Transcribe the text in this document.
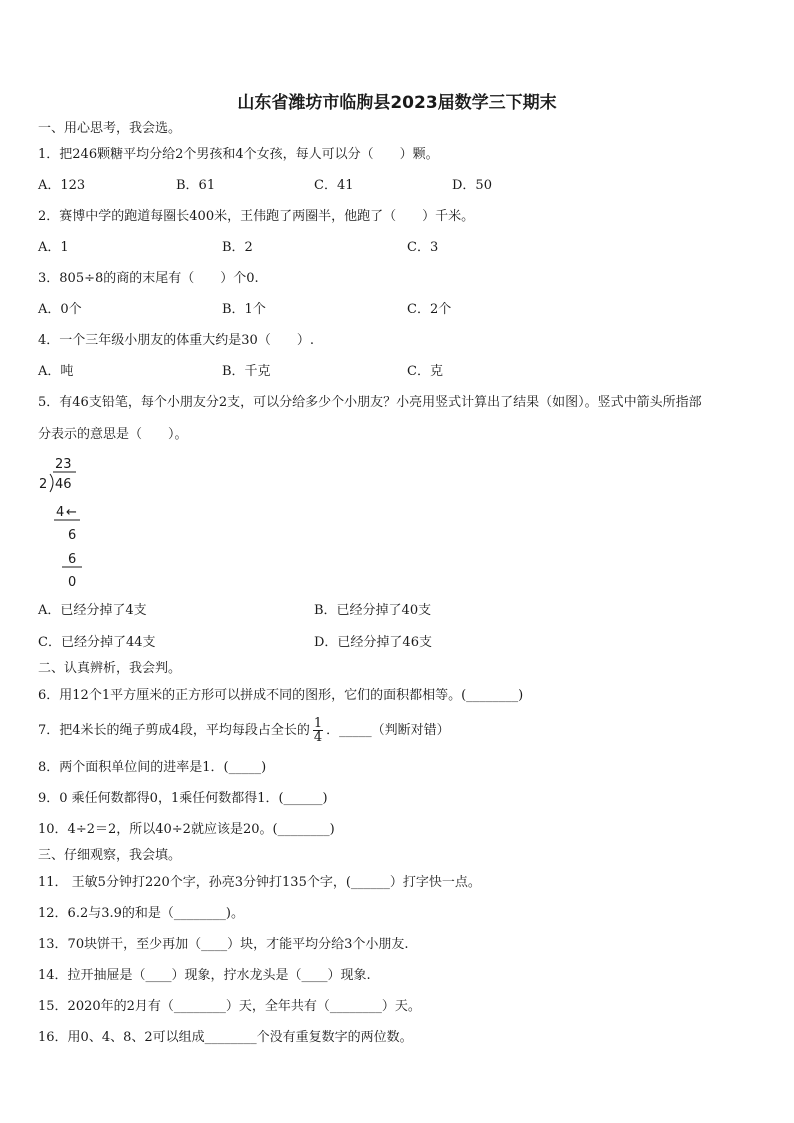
山东省潍坊市临朐县2023届数学三下期末
一、用心思考，我会选。
1．把246颗糖平均分给2个男孩和4个女孩，每人可以分（　　）颗。
A．123	B．61	C．41	D．50
2．赛博中学的跑道每圈长400米，王伟跑了两圈半，他跑了（　　）千米。
A．1	B．2	C．3
3．805÷8的商的末尾有（　　）个0.
A．0个	B．1个	C．2个
4．一个三年级小朋友的体重大约是30（　　）.
A．吨	B．千克	C．克
5．有46支铅笔，每个小朋友分2支，可以分给多少个小朋友？小亮用竖式计算出了结果（如图）。竖式中箭头所指部
分表示的意思是（　　）。
23
2 46
4 ←
6
6
0
A．已经分掉了4支	B．已经分掉了40支
C．已经分掉了44支	D．已经分掉了46支
二、认真辨析，我会判。
6．用12个1平方厘米的正方形可以拼成不同的图形，它们的面积都相等。(________)
7．把4米长的绳子剪成4段，平均每段占全长的 $\frac{1}{4}$ ．_____（判断对错）
8．两个面积单位间的进率是1．(_____)
9．0 乘任何数都得0，1乘任何数都得1．(______)
10．4÷2＝2，所以40÷2就应该是20。(________)
三、仔细观察，我会填。
11． 王敏5分钟打220个字，孙亮3分钟打135个字，(______）打字快一点。
12．6.2与3.9的和是（________)。
13．70块饼干，至少再加（____）块，才能平均分给3个小朋友.
14．拉开抽屉是（____）现象，拧水龙头是（____）现象.
15．2020年的2月有（________）天，全年共有（________）天。
16．用0、4、8、2可以组成________个没有重复数字的两位数。
